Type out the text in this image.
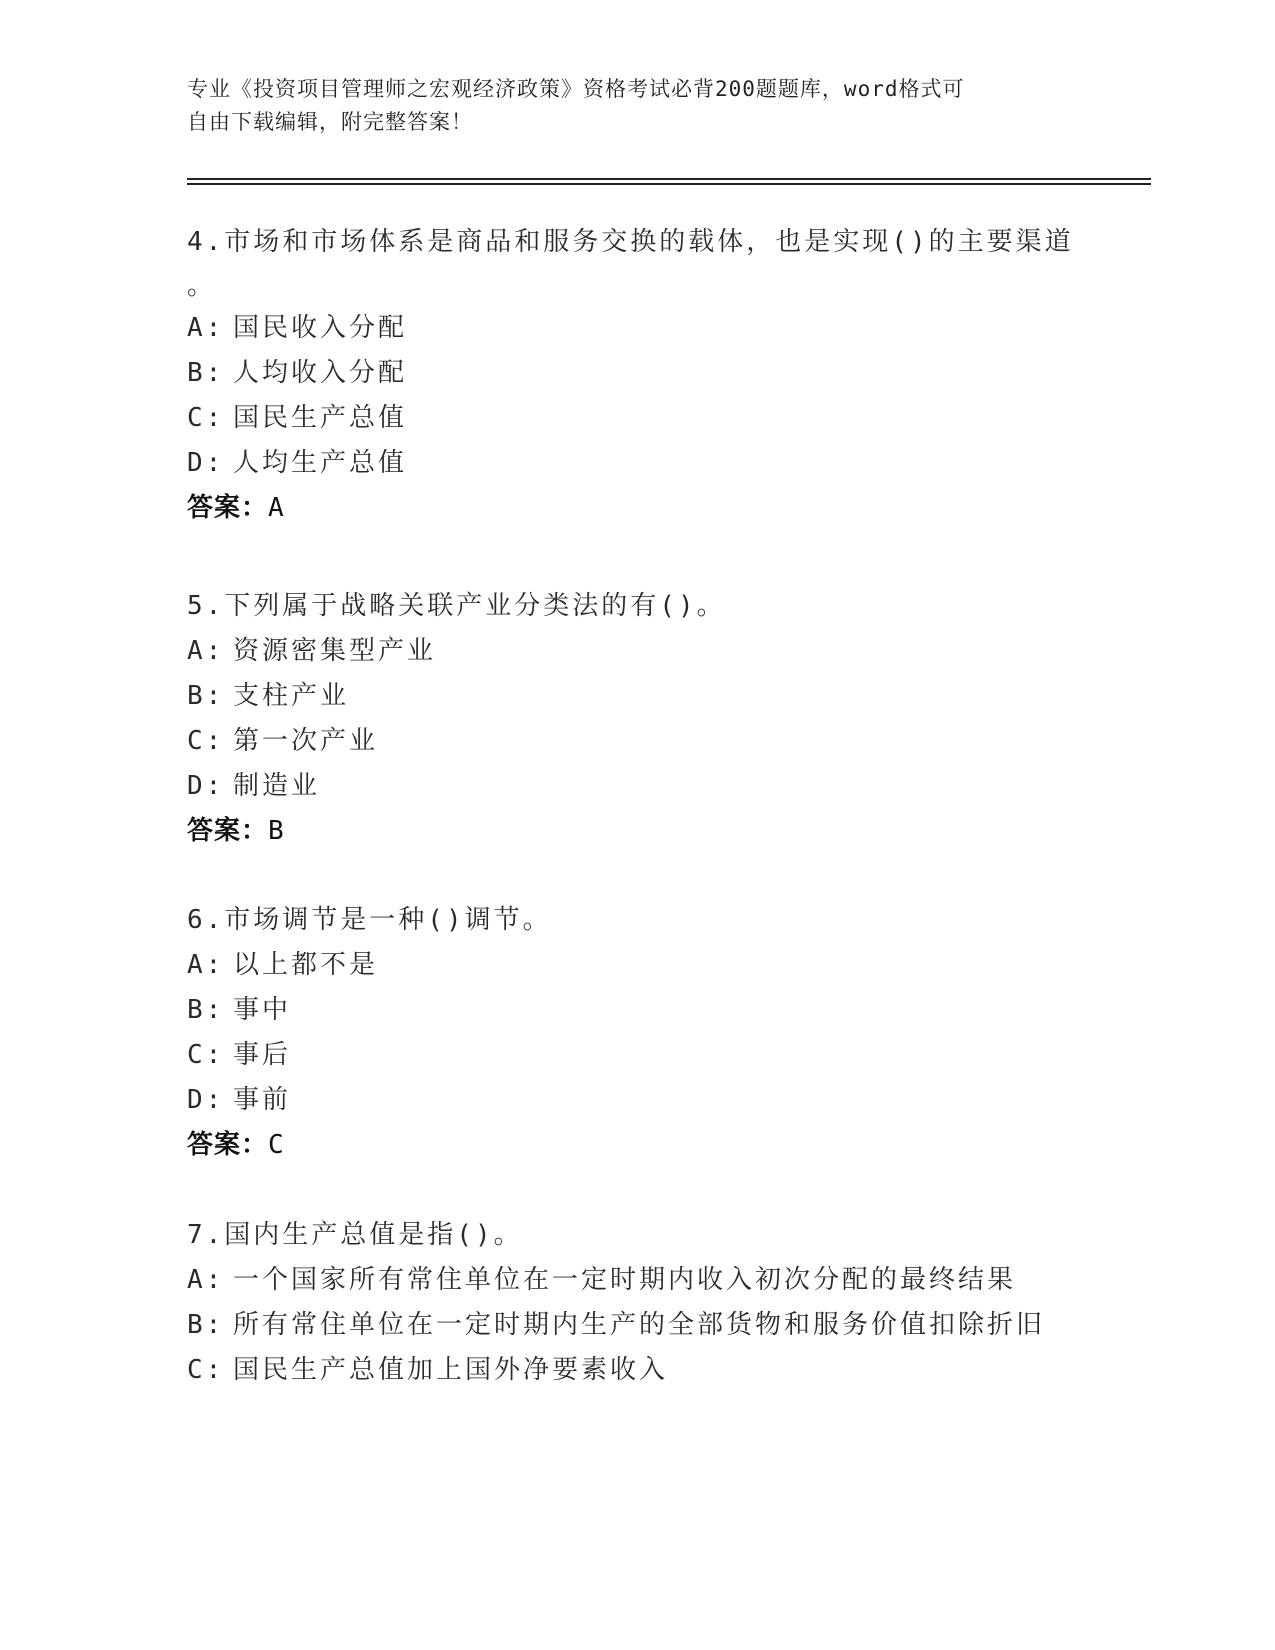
专业《投资项目管理师之宏观经济政策》资格考试必背200题题库，word格式可
自由下载编辑，附完整答案！
4.市场和市场体系是商品和服务交换的载体，也是实现()的主要渠道
。
A: 国民收入分配
B: 人均收入分配
C: 国民生产总值
D: 人均生产总值
答案：A
5.下列属于战略关联产业分类法的有()。
A: 资源密集型产业
B: 支柱产业
C: 第一次产业
D: 制造业
答案：B
6.市场调节是一种()调节。
A: 以上都不是
B: 事中
C: 事后
D: 事前
答案：C
7.国内生产总值是指()。
A: 一个国家所有常住单位在一定时期内收入初次分配的最终结果
B: 所有常住单位在一定时期内生产的全部货物和服务价值扣除折旧
C: 国民生产总值加上国外净要素收入
